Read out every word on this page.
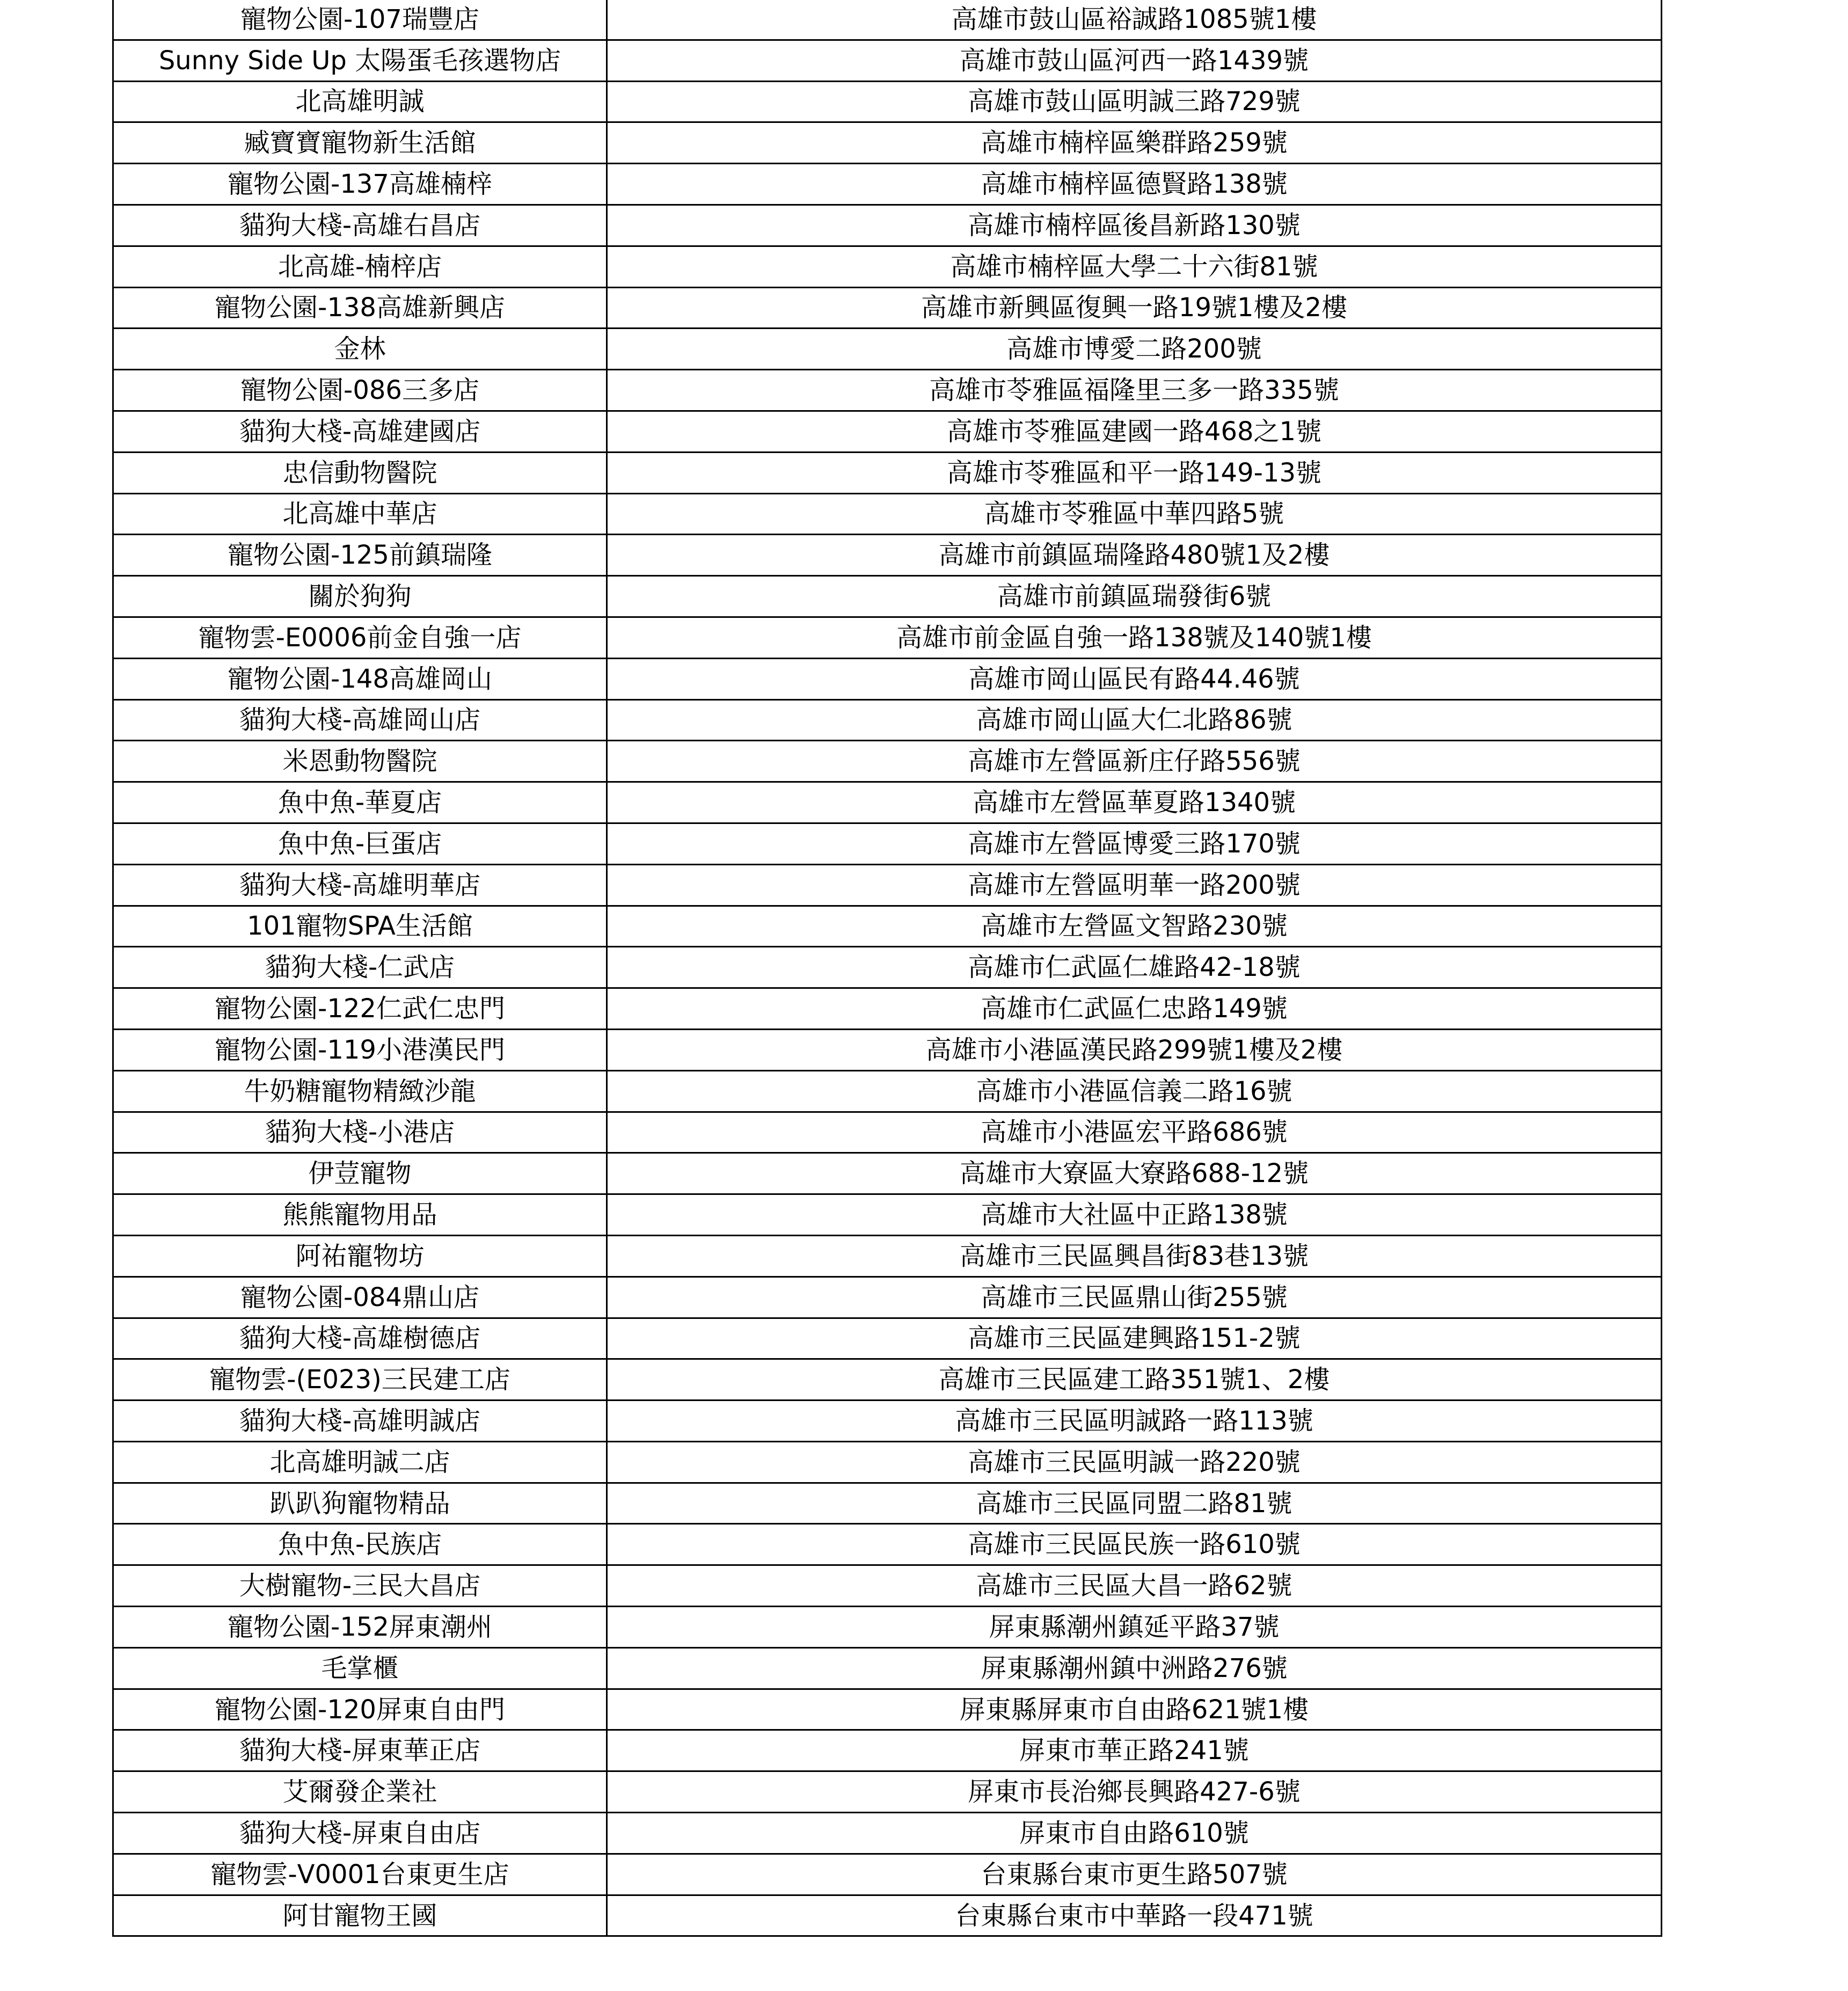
寵物公園-107瑞豐店	高雄市鼓山區裕誠路1085號1樓
Sunny Side Up 太陽蛋毛孩選物店	高雄市鼓山區河西一路1439號
北高雄明誠	高雄市鼓山區明誠三路729號
臧寶寶寵物新生活館	高雄市楠梓區樂群路259號
寵物公園-137高雄楠梓	高雄市楠梓區德賢路138號
貓狗大棧-高雄右昌店	高雄市楠梓區後昌新路130號
北高雄-楠梓店	高雄市楠梓區大學二十六街81號
寵物公園-138高雄新興店	高雄市新興區復興一路19號1樓及2樓
金林	高雄市博愛二路200號
寵物公園-086三多店	高雄市苓雅區福隆里三多一路335號
貓狗大棧-高雄建國店	高雄市苓雅區建國一路468之1號
忠信動物醫院	高雄市苓雅區和平一路149-13號
北高雄中華店	高雄市苓雅區中華四路5號
寵物公園-125前鎮瑞隆	高雄市前鎮區瑞隆路480號1及2樓
關於狗狗	高雄市前鎮區瑞發街6號
寵物雲-E0006前金自強一店	高雄市前金區自強一路138號及140號1樓
寵物公園-148高雄岡山	高雄市岡山區民有路44.46號
貓狗大棧-高雄岡山店	高雄市岡山區大仁北路86號
米恩動物醫院	高雄市左營區新庄仔路556號
魚中魚-華夏店	高雄市左營區華夏路1340號
魚中魚-巨蛋店	高雄市左營區博愛三路170號
貓狗大棧-高雄明華店	高雄市左營區明華一路200號
101寵物SPA生活館	高雄市左營區文智路230號
貓狗大棧-仁武店	高雄市仁武區仁雄路42-18號
寵物公園-122仁武仁忠門	高雄市仁武區仁忠路149號
寵物公園-119小港漢民門	高雄市小港區漢民路299號1樓及2樓
牛奶糖寵物精緻沙龍	高雄市小港區信義二路16號
貓狗大棧-小港店	高雄市小港區宏平路686號
伊荳寵物	高雄市大寮區大寮路688-12號
熊熊寵物用品	高雄市大社區中正路138號
阿祐寵物坊	高雄市三民區興昌街83巷13號
寵物公園-084鼎山店	高雄市三民區鼎山街255號
貓狗大棧-高雄樹德店	高雄市三民區建興路151-2號
寵物雲-(E023)三民建工店	高雄市三民區建工路351號1、2樓
貓狗大棧-高雄明誠店	高雄市三民區明誠路一路113號
北高雄明誠二店	高雄市三民區明誠一路220號
趴趴狗寵物精品	高雄市三民區同盟二路81號
魚中魚-民族店	高雄市三民區民族一路610號
大樹寵物-三民大昌店	高雄市三民區大昌一路62號
寵物公園-152屏東潮州	屏東縣潮州鎮延平路37號
毛掌櫃	屏東縣潮州鎮中洲路276號
寵物公園-120屏東自由門	屏東縣屏東市自由路621號1樓
貓狗大棧-屏東華正店	屏東市華正路241號
艾爾發企業社	屏東市長治鄉長興路427-6號
貓狗大棧-屏東自由店	屏東市自由路610號
寵物雲-V0001台東更生店	台東縣台東市更生路507號
阿甘寵物王國	台東縣台東市中華路一段471號
